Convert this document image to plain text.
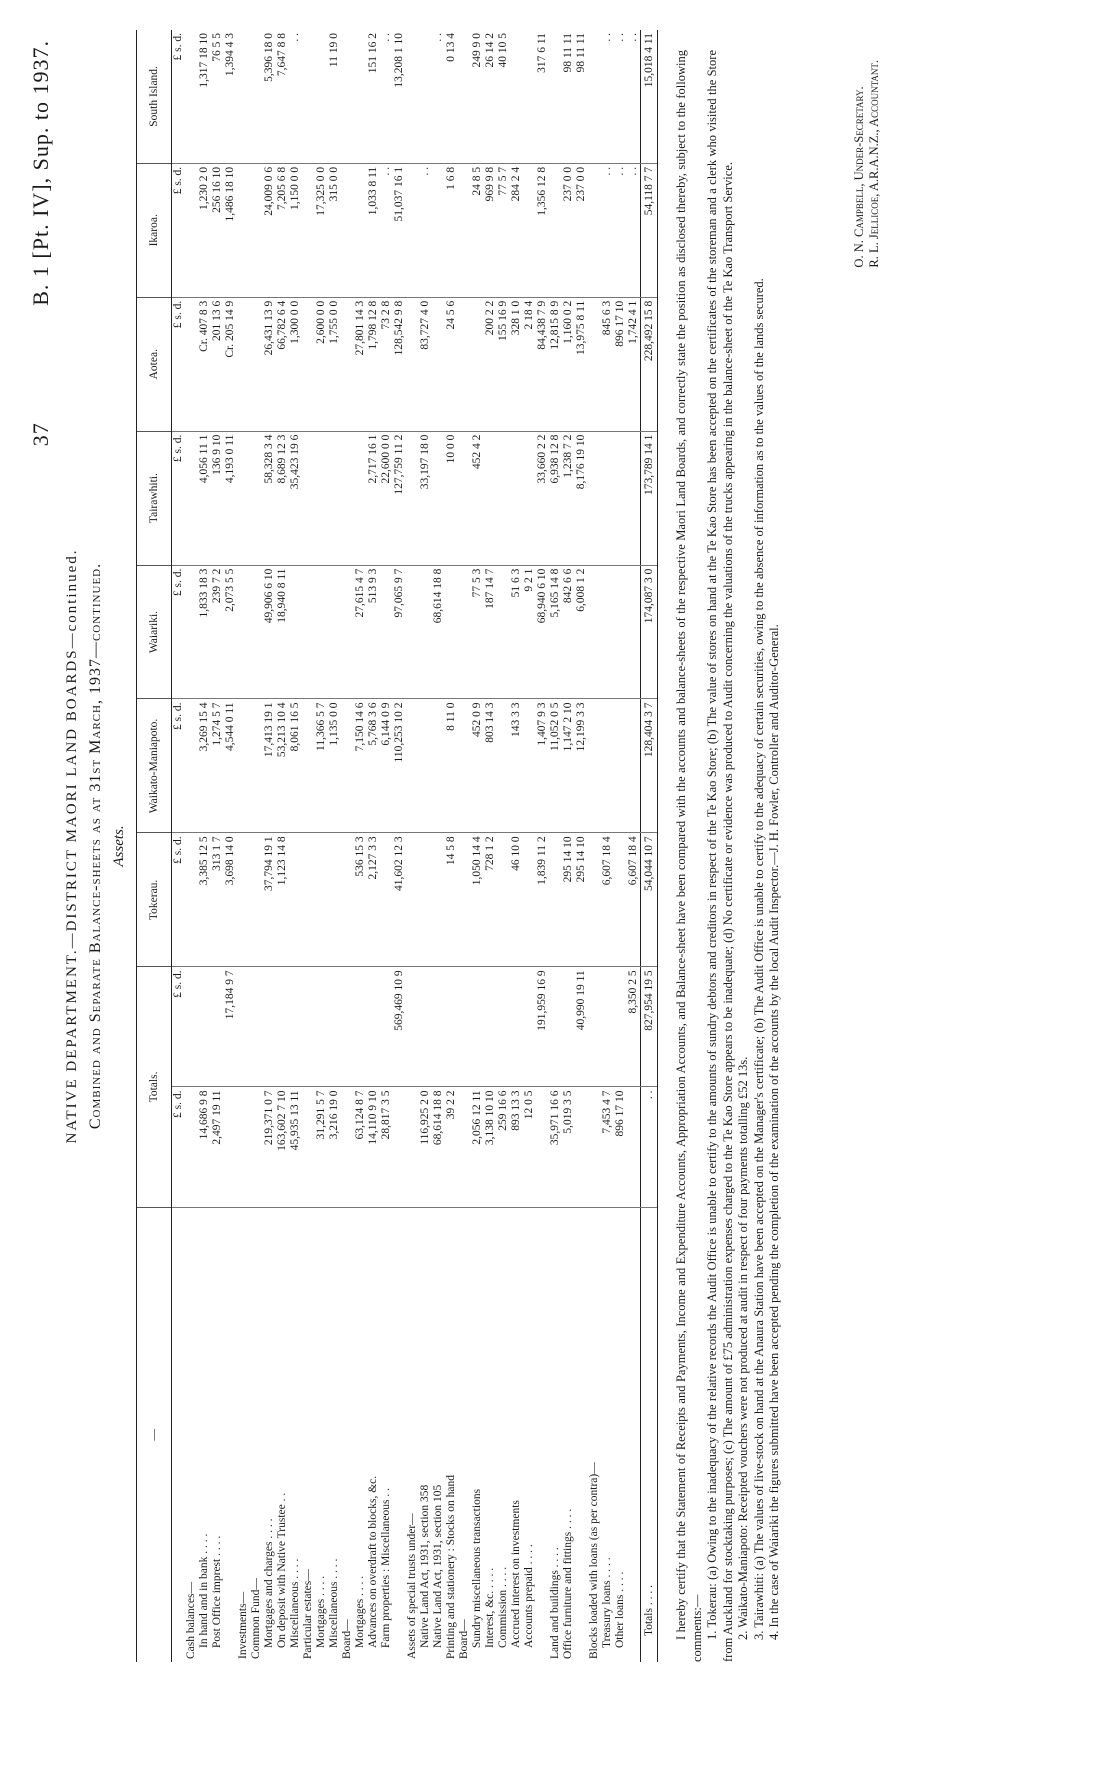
37 B. 1 [Pt. IV], Sup. to 1937.
NATIVE DEPARTMENT.—DISTRICT MAORI LAND BOARDS—continued. Combined and Separate Balance-sheets as at 31st March, 1937—continued. Assets.
—	Totals.		Tokerau.	Waikato-Maniapoto.	Waiariki.	Tairawhiti.	Aotea.	Ikaroa.	South Island.
	£ s. d.	£ s. d.	£ s. d.	£ s. d.	£ s. d.	£ s. d.	£ s. d.	£ s. d.	£ s. d.
Cash balances—									
In hand and in bank . . . .	14,686 9 8		3,385 12 5	3,269 15 4	1,833 18 3	4,056 11 1	Cr. 407 8 3	1,230 2 0	1,317 18 10
Post Office imprest . . . .	2,497 19 11		313 1 7	1,274 5 7	239 7 2	136 9 10	201 13 6	256 16 10	76 5 5
		17,184 9 7	3,698 14 0	4,544 0 11	2,073 5 5	4,193 0 11	Cr. 205 14 9	1,486 18 10	1,394 4 3
Investments—									
Common Fund—									
Mortgages and charges . . . .	219,371 0 7		37,794 19 1	17,413 19 1	49,906 6 10	58,328 3 4	26,431 13 9	24,009 0 6	5,396 18 0
On deposit with Native Trustee . .	163,602 7 10		1,123 14 8	53,213 10 4	18,940 8 11	8,689 12 3	66,782 6 4	7,205 6 8	7,647 8 8
Miscellaneous . . . .	45,935 13 11			8,061 16 5		35,423 19 6	1,300 0 0	1,150 0 0	. .
Particular estates—									
Mortgages . . . .	31,291 5 7			11,366 5 7			2,600 0 0	17,325 0 0	
Miscellaneous . . . .	3,216 19 0			1,135 0 0			1,755 0 0	315 0 0	11 19 0
Board—									
Mortgages . . . .	63,124 8 7		536 15 3	7,150 14 6	27,615 4 7		27,801 14 3		
Advances on overdraft to blocks, &c.	14,110 9 10		2,127 3 3	5,768 3 6	513 9 3	2,717 16 1	1,798 12 8	1,033 8 11	151 16 2
Farm properties : Miscellaneous . .	28,817 3 5			6,144 0 9		22,600 0 0	73 2 8	. .	. .
		569,469 10 9	41,602 12 3	110,253 10 2	97,065 9 7	127,759 11 2	128,542 9 8	51,037 16 1	13,208 1 10
Assets of special trusts under—									
Native Land Act, 1931, section 358	116,925 2 0					33,197 18 0	83,727 4 0	. .	
Native Land Act, 1931, section 105	68,614 18 8				68,614 18 8				. .
Printing and stationery : Stocks on hand	39 2 2		14 5 8	8 11 0		10 0 0	24 5 6	1 6 8	0 13 4
Board—									
Sundry miscellaneous transactions	2,056 12 11		1,050 14 4	452 0 9	77 5 3	452 4 2		24 8 5	249 9 0
Interest, &c. . . . .	3,138 10 10		728 1 2	803 14 3	187 14 7		200 2 2	969 9 8	26 14 2
Commission . . . .	259 16 6						155 16 9	77 5 7	40 10 5
Accrued interest on investments	893 13 3		46 10 0	143 3 3	51 6 3		328 1 0	284 2 4	
Accounts prepaid . . . .	12 0 5				9 2 1		2 18 4		
		191,959 16 9	1,839 11 2	1,407 9 3	68,940 6 10	33,660 2 2	84,438 7 9	1,356 12 8	317 6 11
Land and buildings . . . .	35,971 16 6			11,052 0 5	5,165 14 8	6,938 12 8	12,815 8 9		
Office furniture and fittings . . . .	5,019 3 5		295 14 10	1,147 2 10	842 6 6	1,238 7 2	1,160 0 2	237 0 0	98 11 11
		40,990 19 11	295 14 10	12,199 3 3	6,008 1 2	8,176 19 10	13,975 8 11	237 0 0	98 11 11
Blocks loaded with loans (as per contra)—									
Treasury loans . . . .	7,453 4 7		6,607 18 4				845 6 3	. .	. .
Other loans . . . .	896 17 10						896 17 10	. .	. .
		8,350 2 5	6,607 18 4				1,742 4 1	. .	. .
Totals . . . .	. .	827,954 19 5	54,044 10 7	128,404 3 7	174,087 3 0	173,789 14 1	228,492 15 8	54,118 7 7	15,018 4 11 I hereby certify that the Statement of Receipts and Payments, Income and Expenditure Accounts, Appropriation Accounts, and Balance-sheet have been compared with the accounts and balance-sheets of the respective Maori Land Boards, and correctly state the position as disclosed thereby, subject to the following comments:— 1. Tokerau: (a) Owing to the inadequacy of the relative records the Audit Office is unable to certify to the amounts of sundry debtors and creditors in respect of the Te Kao Store; (b) The value of stores on hand at the Te Kao Store has been accepted on the certificates of the storeman and a clerk who visited the Store from Auckland for stocktaking purposes; (c) The amount of £75 administration expenses charged to the Te Kao Store appears to be inadequate; (d) No certificate or evidence was produced to Audit concerning the valuations of the trucks appearing in the balance-sheet of the Te Kao Transport Service. 2. Waikato-Maniapoto: Receipted vouchers were not produced at audit in respect of four payments totalling £52 13s. 3. Tairawhiti: (a) The values of live-stock on hand at the Anaura Station have been accepted on the Manager's certificate; (b) The Audit Office is unable to certify to the adequacy of certain securities, owing to the absence of information as to the values of the lands secured. 4. In the case of Waiariki the figures submitted have been accepted pending the completion of the examination of the accounts by the local Audit Inspector.—J. H. Fowler, Controller and Auditor-General.

O. N. Campbell, Under-Secretary. R. L. Jellicoe, A.R.A.N.Z., Accountant.
